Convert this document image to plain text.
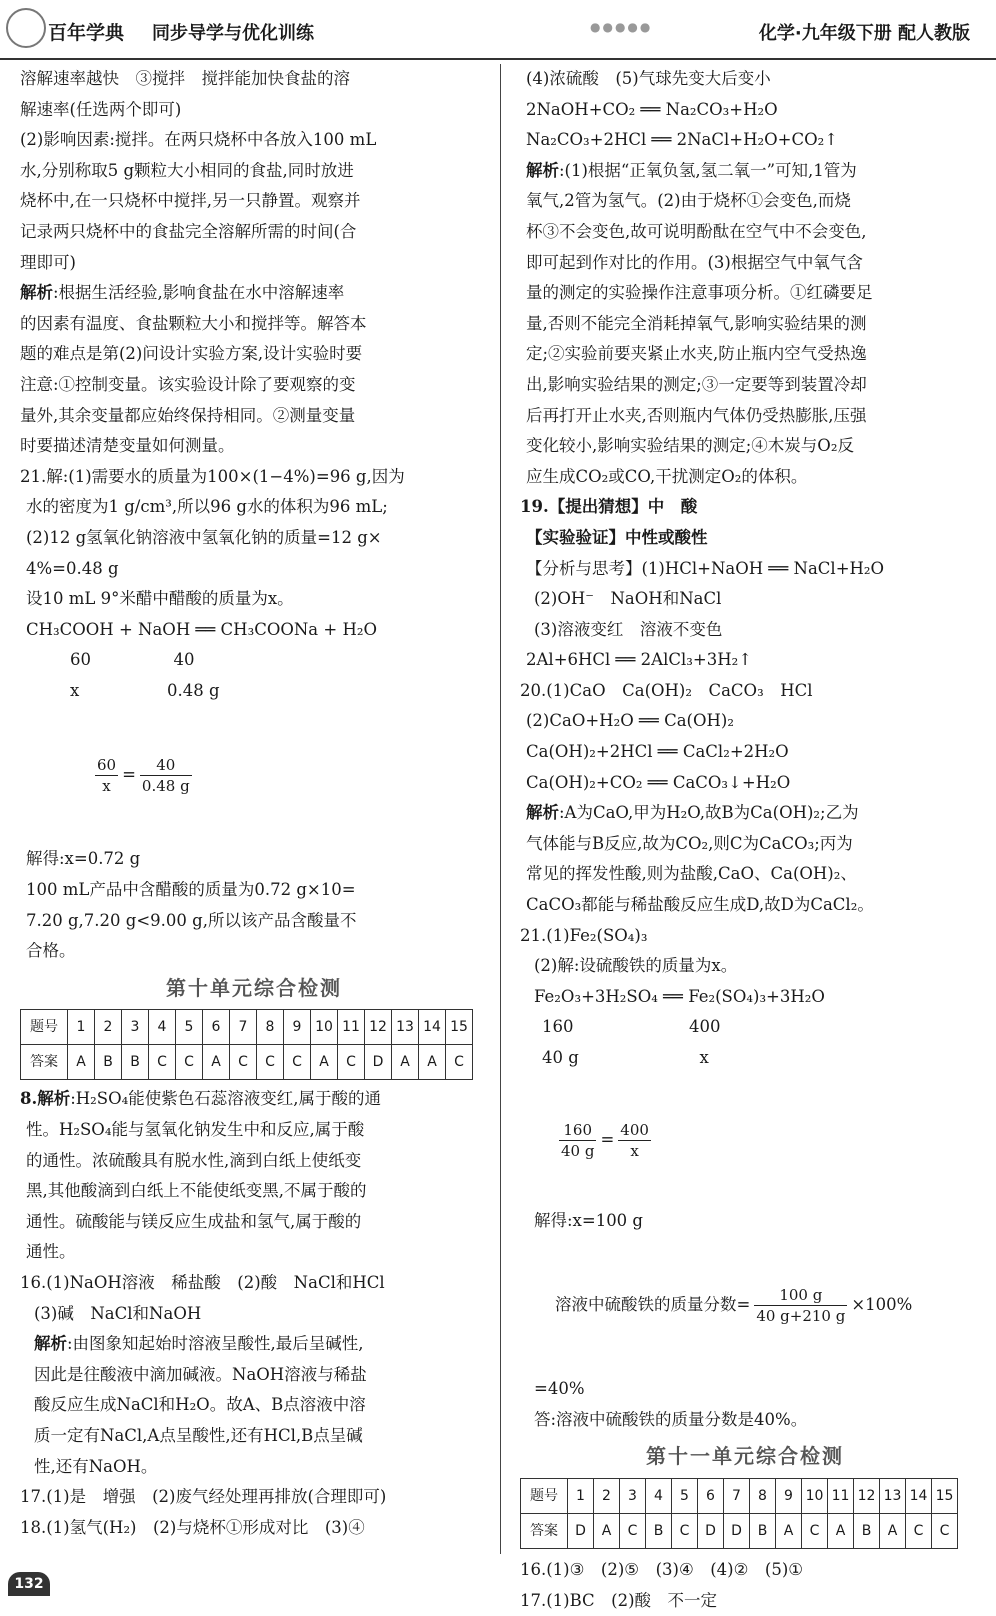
百年学典 同步导学与优化训练	●●●●●	化学·九年级下册 配人教版

溶解速率越快　③搅拌　搅拌能加快食盐的溶

解速率(任选两个即可)

(2)影响因素:搅拌。在两只烧杯中各放入100 mL

水,分别称取5 g颗粒大小相同的食盐,同时放进

烧杯中,在一只烧杯中搅拌,另一只静置。观察并

记录两只烧杯中的食盐完全溶解所需的时间(合

理即可)

解析:根据生活经验,影响食盐在水中溶解速率

的因素有温度、食盐颗粒大小和搅拌等。解答本

题的难点是第(2)问设计实验方案,设计实验时要

注意:①控制变量。该实验设计除了要观察的变

量外,其余变量都应始终保持相同。②测量变量

时要描述清楚变量如何测量。

21.解:(1)需要水的质量为100×(1−4%)=96 g,因为

水的密度为1 g/cm³,所以96 g水的体积为96 mL;

(2)12 g氢氧化钠溶液中氢氧化钠的质量=12 g×

4%=0.48 g

设10 mL 9°米醋中醋酸的质量为x。

CH₃COOH + NaOH ══ CH₃COONa + H₂O

60　　　　　40

x　　　　　 0.48 g

$\frac{60}{x} = \frac{40}{0.48 g}$

解得:x=0.72 g

100 mL产品中含醋酸的质量为0.72 g×10=

7.20 g,7.20 g<9.00 g,所以该产品含酸量不

合格。

第十单元综合检测
题号	1	2	3	4	5	6	7	8	9	10	11	12	13	14	15
答案	A	B	B	C	C	A	C	C	C	A	C	D	A	A	C

8.解析:H₂SO₄能使紫色石蕊溶液变红,属于酸的通

性。H₂SO₄能与氢氧化钠发生中和反应,属于酸

的通性。浓硫酸具有脱水性,滴到白纸上使纸变

黑,其他酸滴到白纸上不能使纸变黑,不属于酸的

通性。硫酸能与镁反应生成盐和氢气,属于酸的

通性。

16.(1)NaOH溶液　稀盐酸　(2)酸　NaCl和HCl

(3)碱　NaCl和NaOH

解析:由图象知起始时溶液呈酸性,最后呈碱性,

因此是往酸液中滴加碱液。NaOH溶液与稀盐

酸反应生成NaCl和H₂O。故A、B点溶液中溶

质一定有NaCl,A点呈酸性,还有HCl,B点呈碱

性,还有NaOH。

17.(1)是　增强　(2)废气经处理再排放(合理即可)

18.(1)氢气(H₂)　(2)与烧杯①形成对比　(3)④

(4)浓硫酸　(5)气球先变大后变小

2NaOH+CO₂ ══ Na₂CO₃+H₂O

Na₂CO₃+2HCl ══ 2NaCl+H₂O+CO₂↑

解析:(1)根据“正氧负氢,氢二氧一”可知,1管为

氧气,2管为氢气。(2)由于烧杯①会变色,而烧

杯③不会变色,故可说明酚酞在空气中不会变色,

即可起到作对比的作用。(3)根据空气中氧气含

量的测定的实验操作注意事项分析。①红磷要足

量,否则不能完全消耗掉氧气,影响实验结果的测

定;②实验前要夹紧止水夹,防止瓶内空气受热逸

出,影响实验结果的测定;③一定要等到装置冷却

后再打开止水夹,否则瓶内气体仍受热膨胀,压强

变化较小,影响实验结果的测定;④木炭与O₂反

应生成CO₂或CO,干扰测定O₂的体积。

19.【提出猜想】中　酸

【实验验证】中性或酸性

【分析与思考】(1)HCl+NaOH ══ NaCl+H₂O

(2)OH⁻　NaOH和NaCl

(3)溶液变红　溶液不变色

2Al+6HCl ══ 2AlCl₃+3H₂↑

20.(1)CaO　Ca(OH)₂　CaCO₃　HCl

(2)CaO+H₂O ══ Ca(OH)₂

Ca(OH)₂+2HCl ══ CaCl₂+2H₂O

Ca(OH)₂+CO₂ ══ CaCO₃↓+H₂O

解析:A为CaO,甲为H₂O,故B为Ca(OH)₂;乙为

气体能与B反应,故为CO₂,则C为CaCO₃;丙为

常见的挥发性酸,则为盐酸,CaO、Ca(OH)₂、

CaCO₃都能与稀盐酸反应生成D,故D为CaCl₂。

21.(1)Fe₂(SO₄)₃

(2)解:设硫酸铁的质量为x。

Fe₂O₃+3H₂SO₄ ══ Fe₂(SO₄)₃+3H₂O

160　　　　　　　400

40 g　　　　　　　 x

$\frac{160}{40 g} = \frac{400}{x}$

解得:x=100 g

溶液中硫酸铁的质量分数= $\frac{100 g}{40 g+210 g} \times 100\%$

=40%

答:溶液中硫酸铁的质量分数是40%。

第十一单元综合检测
题号	1	2	3	4	5	6	7	8	9	10	11	12	13	14	15
答案	D	A	C	B	C	D	D	B	A	C	A	B	A	C	C

16.(1)③　(2)⑤　(3)④　(4)②　(5)①

17.(1)BC　(2)酸　不一定

132
